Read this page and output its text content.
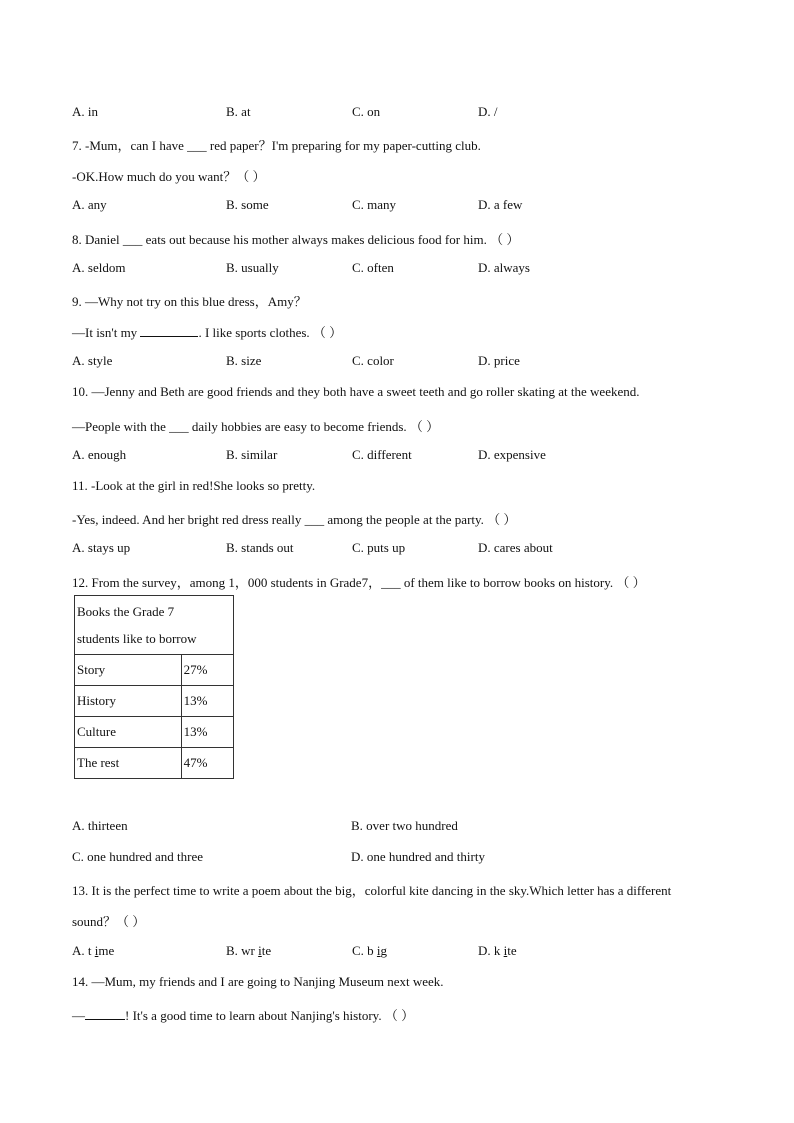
A. in	B. at	C. on	D. /
7. -Mum，can I have ___ red paper？I'm preparing for my paper-cutting club.
-OK.How much do you want？（ ）
A. any	B. some	C. many	D. a few
8. Daniel ___ eats out because his mother always makes delicious food for him. （ ）
A. seldom	B. usually	C. often	D. always
9. —Why not try on this blue dress，Amy？
—It isn't my	. I like sports clothes. （ ）
A. style	B. size	C. color	D. price
10. —Jenny and Beth are good friends and they both have a sweet teeth and go roller skating at the weekend.
—People with the ___ daily hobbies are easy to become friends. （ ）
A. enough	B. similar	C. different	D. expensive
11. -Look at the girl in red!She looks so pretty.
-Yes, indeed. And her bright red dress really ___ among the people at the party. （ ）
A. stays up	B. stands out	C. puts up	D. cares about
12. From the survey，among 1，000 students in Grade7，___ of them like to borrow books on history. （ ）
Books the Grade 7
students like to borrow	

Story	27%
History	13%
Culture	13%
The rest	47%
A. thirteen	B. over two hundred
C. one hundred and three	D. one hundred and thirty
13. It is the perfect time to write a poem about the big，colorful kite dancing in the sky.Which letter has a different
sound？（ ）
A. t ime	B. wr ite	C. b ig	D. k ite
14. —Mum, my friends and I are going to Nanjing Museum next week.
—	! It's a good time to learn about Nanjing's history. （ ）
